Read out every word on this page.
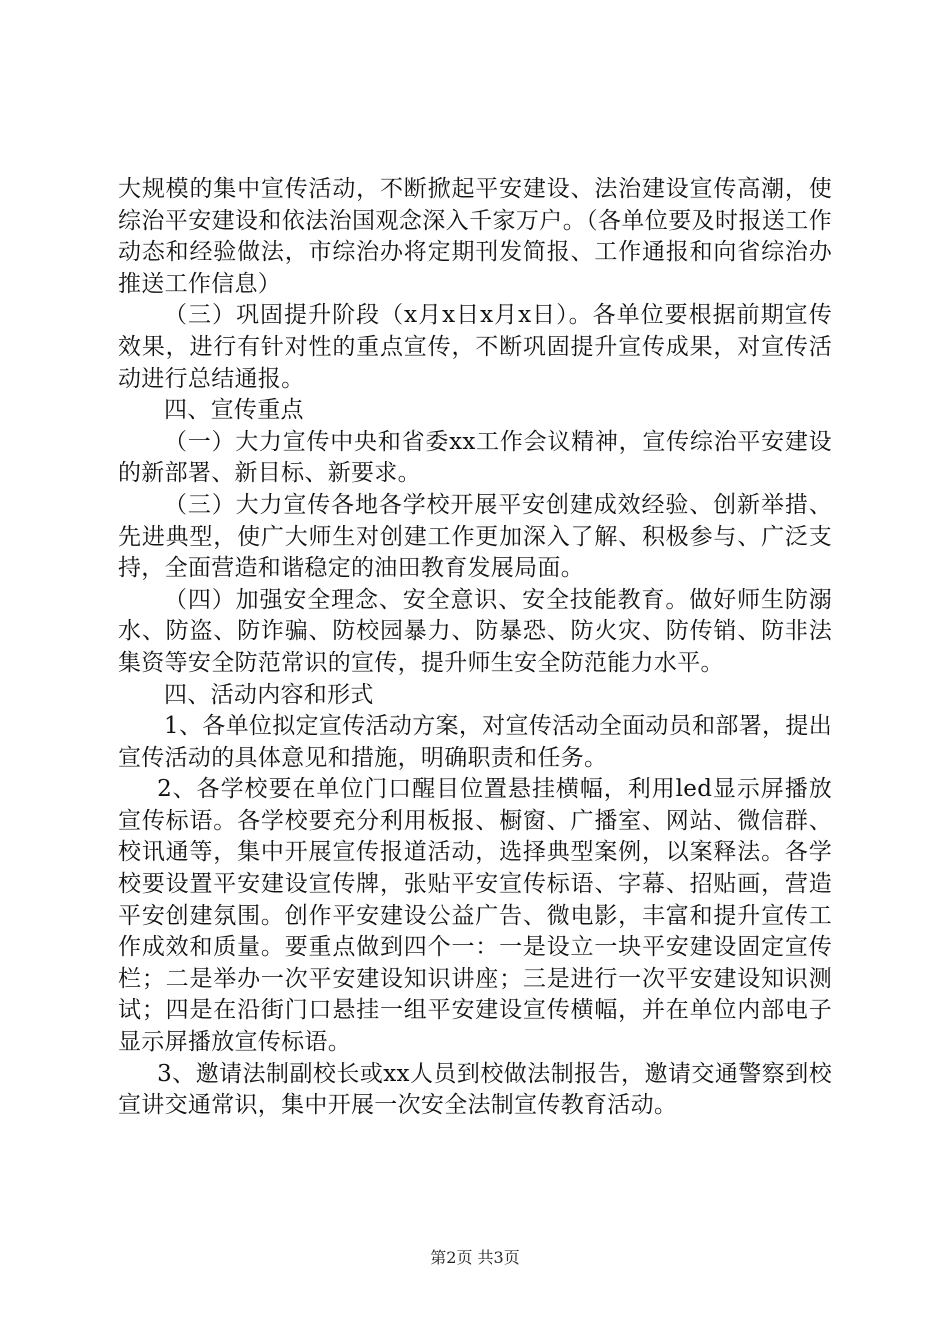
大规模的集中宣传活动，不断掀起平安建设、法治建设宣传高潮，使综治平安建设和依法治国观念深入千家万户。（各单位要及时报送工作动态和经验做法，市综治办将定期刊发简报、工作通报和向省综治办推送工作信息）

（三）巩固提升阶段（x月x日x月x日）。各单位要根据前期宣传效果，进行有针对性的重点宣传，不断巩固提升宣传成果，对宣传活动进行总结通报。

四、宣传重点

（一）大力宣传中央和省委xx工作会议精神，宣传综治平安建设的新部署、新目标、新要求。

（三）大力宣传各地各学校开展平安创建成效经验、创新举措、先进典型，使广大师生对创建工作更加深入了解、积极参与、广泛支持，全面营造和谐稳定的油田教育发展局面。

（四）加强安全理念、安全意识、安全技能教育。做好师生防溺水、防盗、防诈骗、防校园暴力、防暴恐、防火灾、防传销、防非法集资等安全防范常识的宣传，提升师生安全防范能力水平。

四、活动内容和形式

1、各单位拟定宣传活动方案，对宣传活动全面动员和部署，提出宣传活动的具体意见和措施，明确职责和任务。

2、各学校要在单位门口醒目位置悬挂横幅，利用led显示屏播放宣传标语。各学校要充分利用板报、橱窗、广播室、网站、微信群、校讯通等，集中开展宣传报道活动，选择典型案例，以案释法。各学校要设置平安建设宣传牌，张贴平安宣传标语、字幕、招贴画，营造平安创建氛围。创作平安建设公益广告、微电影，丰富和提升宣传工作成效和质量。要重点做到四个一：一是设立一块平安建设固定宣传栏；二是举办一次平安建设知识讲座；三是进行一次平安建设知识测试；四是在沿街门口悬挂一组平安建设宣传横幅，并在单位内部电子显示屏播放宣传标语。

3、邀请法制副校长或xx人员到校做法制报告，邀请交通警察到校宣讲交通常识，集中开展一次安全法制宣传教育活动。

第2页 共3页
